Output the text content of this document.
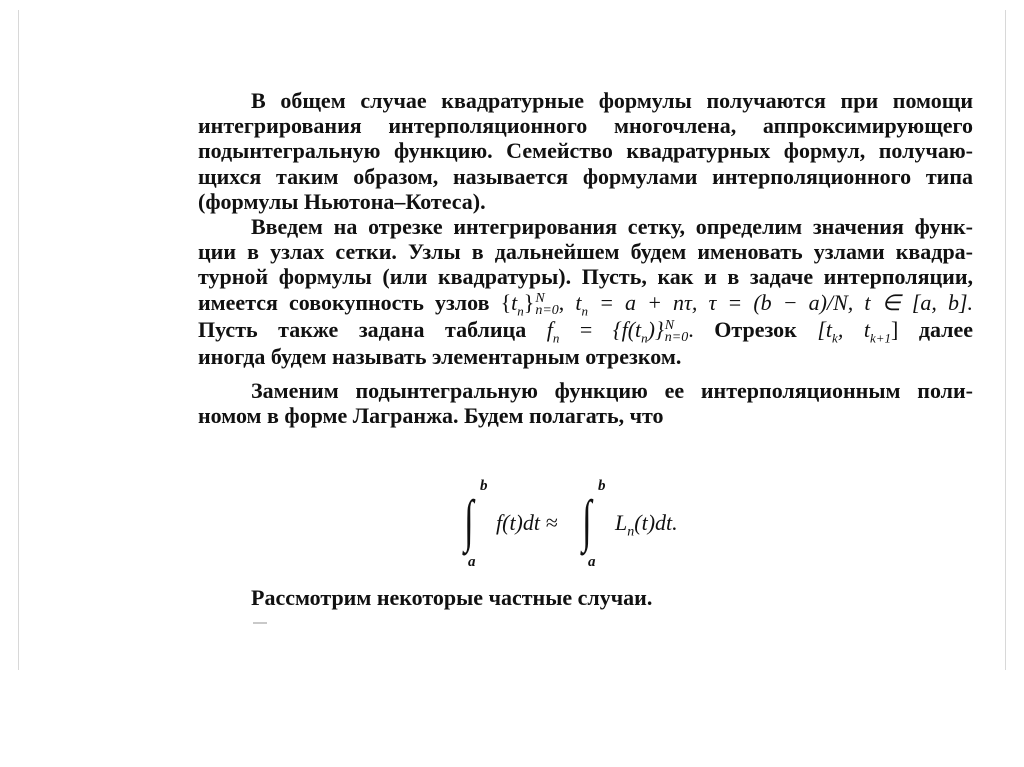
В общем случае квадратурные формулы получаются при помощи
интегрирования интерполяционного многочлена, аппроксимирующего
подынтегральную функцию. Семейство квадратурных формул, получаю-
щихся таким образом, называется формулами интерполяционного типа
(формулы Ньютона–Котеса).
Введем на отрезке интегрирования сетку, определим значения функ-
ции в узлах сетки. Узлы в дальнейшем будем именовать узлами квадра-
турной формулы (или квадратуры). Пусть, как и в задаче интерполяции,
имеется совокупность узлов $\{t_n\}$ N
n=0 , $t_n = a + n\tau$, τ = (b − a)/N, t ∈ [a, b].
Пусть также задана таблица $f_n = \{f(t_n)\}$ N
n=0 . Отрезок [$t_k$, $t_{k+1}$] далее
иногда будем называть элементарным отрезком.
Заменим подынтегральную функцию ее интерполяционным поли-
номом в форме Лагранжа. Будем полагать, что
b
∫
a
f(t)dt ≈
b
∫
a
$L_n(t)dt$.
Рассмотрим некоторые частные случаи.
